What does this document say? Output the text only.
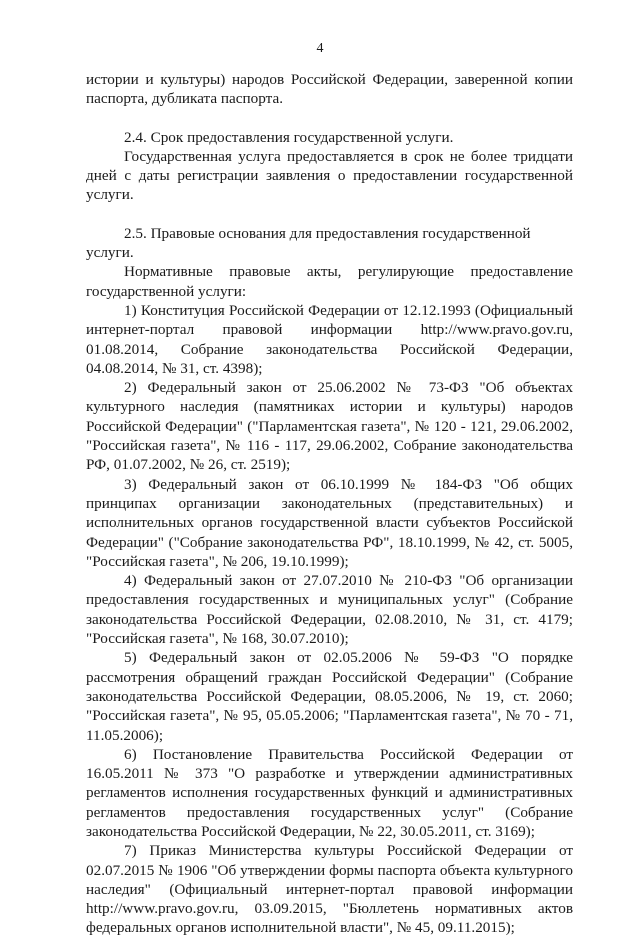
4

истории и культуры) народов Российской Федерации, заверенной копии паспорта, дубликата паспорта.

2.4. Срок предоставления государственной услуги.

Государственная услуга предоставляется в срок не более тридцати дней с даты регистрации заявления о предоставлении государственной услуги.

2.5. Правовые основания для предоставления государственной услуги.

Нормативные правовые акты, регулирующие предоставление государственной услуги:

1) Конституция Российской Федерации от 12.12.1993 (Официальный интернет-портал правовой информации http://www.pravo.gov.ru, 01.08.2014, Собрание законодательства Российской Федерации, 04.08.2014, № 31, ст. 4398);

2) Федеральный закон от 25.06.2002 № 73-ФЗ "Об объектах культурного наследия (памятниках истории и культуры) народов Российской Федерации" ("Парламентская газета", № 120 - 121, 29.06.2002, "Российская газета", № 116 - 117, 29.06.2002, Собрание законодательства РФ, 01.07.2002, № 26, ст. 2519);

3) Федеральный закон от 06.10.1999 № 184-ФЗ "Об общих принципах организации законодательных (представительных) и исполнительных органов государственной власти субъектов Российской Федерации" ("Собрание законодательства РФ", 18.10.1999, № 42, ст. 5005, "Российская газета", № 206, 19.10.1999);

4) Федеральный закон от 27.07.2010 № 210-ФЗ "Об организации предоставления государственных и муниципальных услуг" (Собрание законодательства Российской Федерации, 02.08.2010, № 31, ст. 4179; "Российская газета", № 168, 30.07.2010);

5) Федеральный закон от 02.05.2006 № 59-ФЗ "О порядке рассмотрения обращений граждан Российской Федерации" (Собрание законодательства Российской Федерации, 08.05.2006, № 19, ст. 2060; "Российская газета", № 95, 05.05.2006; "Парламентская газета", № 70 - 71, 11.05.2006);

6) Постановление Правительства Российской Федерации от 16.05.2011 № 373 "О разработке и утверждении административных регламентов исполнения государственных функций и административных регламентов предоставления государственных услуг" (Собрание законодательства Российской Федерации, № 22, 30.05.2011, ст. 3169);

7) Приказ Министерства культуры Российской Федерации от 02.07.2015 № 1906 "Об утверждении формы паспорта объекта культурного наследия" (Официальный интернет-портал правовой информации http://www.pravo.gov.ru, 03.09.2015, "Бюллетень нормативных актов федеральных органов исполнительной власти", № 45, 09.11.2015);
